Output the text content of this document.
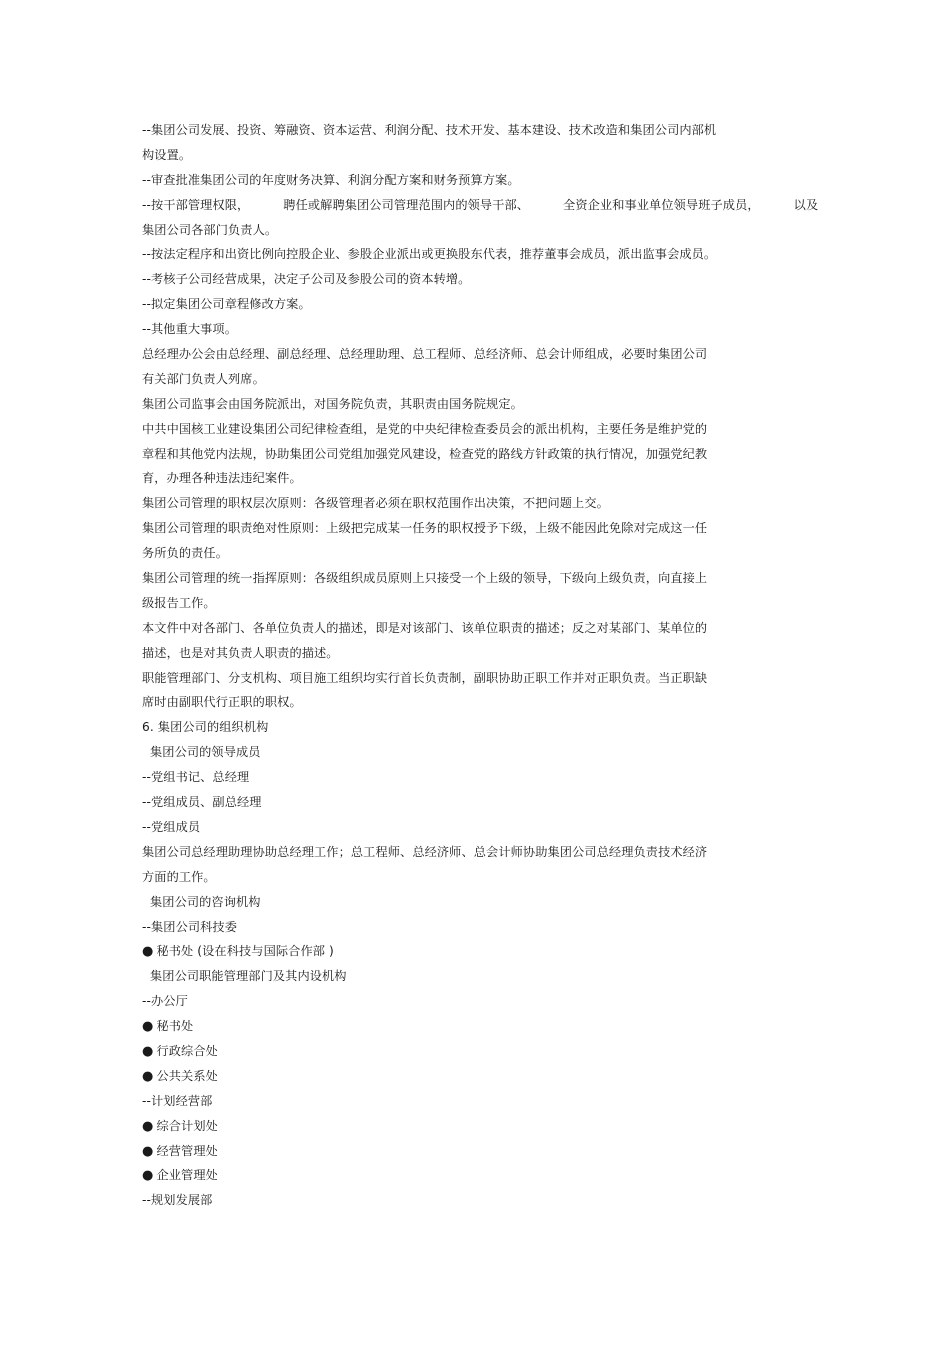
--集团公司发展、投资、筹融资、资本运营、利润分配、技术开发、基本建设、技术改造和集团公司内部机
构设置。
--审查批准集团公司的年度财务决算、利润分配方案和财务预算方案。
--按干部管理权限，	聘任或解聘集团公司管理范围内的领导干部、	全资企业和事业单位领导班子成员，	以及
集团公司各部门负责人。
--按法定程序和出资比例向控股企业、参股企业派出或更换股东代表，推荐董事会成员，派出监事会成员。
--考核子公司经营成果，决定子公司及参股公司的资本转增。
--拟定集团公司章程修改方案。
--其他重大事项。
总经理办公会由总经理、副总经理、总经理助理、总工程师、总经济师、总会计师组成，必要时集团公司
有关部门负责人列席。
集团公司监事会由国务院派出，对国务院负责，其职责由国务院规定。
中共中国核工业建设集团公司纪律检查组，是党的中央纪律检查委员会的派出机构，主要任务是维护党的
章程和其他党内法规，协助集团公司党组加强党风建设，检查党的路线方针政策的执行情况，加强党纪教
育，办理各种违法违纪案件。
集团公司管理的职权层次原则：各级管理者必须在职权范围作出决策，不把问题上交。
集团公司管理的职责绝对性原则：上级把完成某一任务的职权授予下级，上级不能因此免除对完成这一任
务所负的责任。
集团公司管理的统一指挥原则：各级组织成员原则上只接受一个上级的领导，下级向上级负责，向直接上
级报告工作。
本文件中对各部门、各单位负责人的描述，即是对该部门、该单位职责的描述；反之对某部门、某单位的
描述，也是对其负责人职责的描述。
职能管理部门、分支机构、项目施工组织均实行首长负责制，副职协助正职工作并对正职负责。当正职缺
席时由副职代行正职的职权。
6. 集团公司的组织机构
集团公司的领导成员
--党组书记、总经理
--党组成员、副总经理
--党组成员
集团公司总经理助理协助总经理工作；总工程师、总经济师、总会计师协助集团公司总经理负责技术经济
方面的工作。
集团公司的咨询机构
--集团公司科技委
● 秘书处 (设在科技与国际合作部 )
集团公司职能管理部门及其内设机构
--办公厅
● 秘书处
● 行政综合处
● 公共关系处
--计划经营部
● 综合计划处
● 经营管理处
● 企业管理处
--规划发展部
